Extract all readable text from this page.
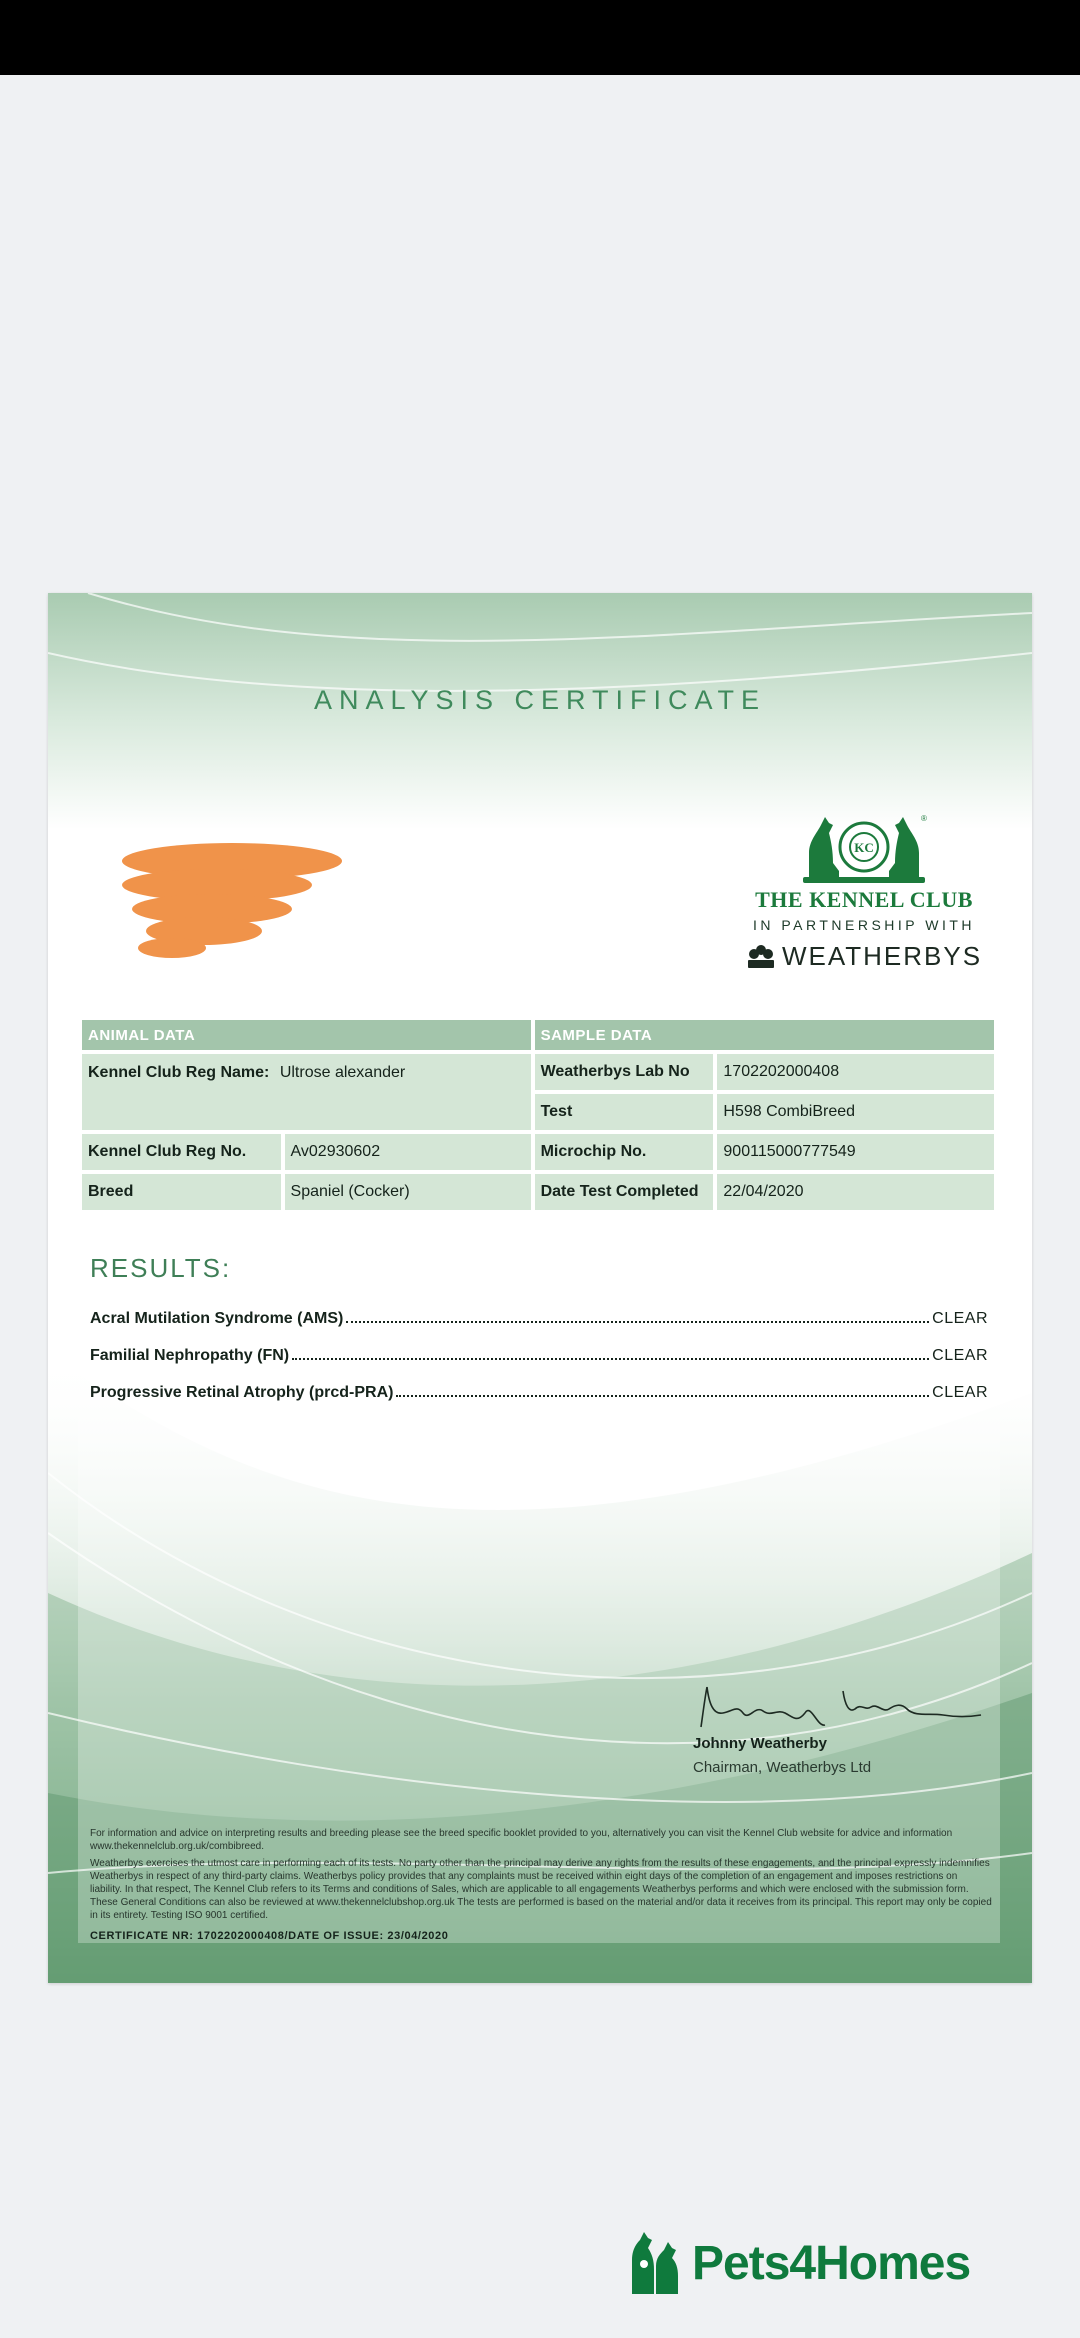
ANALYSIS CERTIFICATE
KC
®
THE KENNEL CLUB
IN PARTNERSHIP WITH
WEATHERBYS
ANIMAL DATA		SAMPLE DATA	
Kennel Club Reg Name: Ultrose alexander		Weatherbys Lab No	1702202000408
		Test	H598 CombiBreed
Kennel Club Reg No.	Av02930602	Microchip No.	900115000777549
Breed	Spaniel (Cocker)	Date Test Completed	22/04/2020
RESULTS:
Acral Mutilation Syndrome (AMS)	CLEAR
Familial Nephropathy (FN)	CLEAR
Progressive Retinal Atrophy (prcd-PRA)	CLEAR
Johnny Weatherby
Chairman, Weatherbys Ltd
For information and advice on interpreting results and breeding please see the breed specific booklet provided to you, alternatively you can visit the Kennel Club website for advice and information www.thekennelclub.org.uk/combibreed.
Weatherbys exercises the utmost care in performing each of its tests. No party other than the principal may derive any rights from the results of these engagements, and the principal expressly indemnifies Weatherbys in respect of any third-party claims. Weatherbys policy provides that any complaints must be received within eight days of the completion of an engagement and imposes restrictions on liability. In that respect, The Kennel Club refers to its Terms and conditions of Sales, which are applicable to all engagements Weatherbys performs and which were enclosed with the submission form. These General Conditions can also be reviewed at www.thekennelclubshop.org.uk The tests are performed is based on the material and/or data it receives from its principal. This report may only be copied in its entirety. Testing ISO 9001 certified.
CERTIFICATE NR: 1702202000408/DATE OF ISSUE: 23/04/2020
Pets4Homes
